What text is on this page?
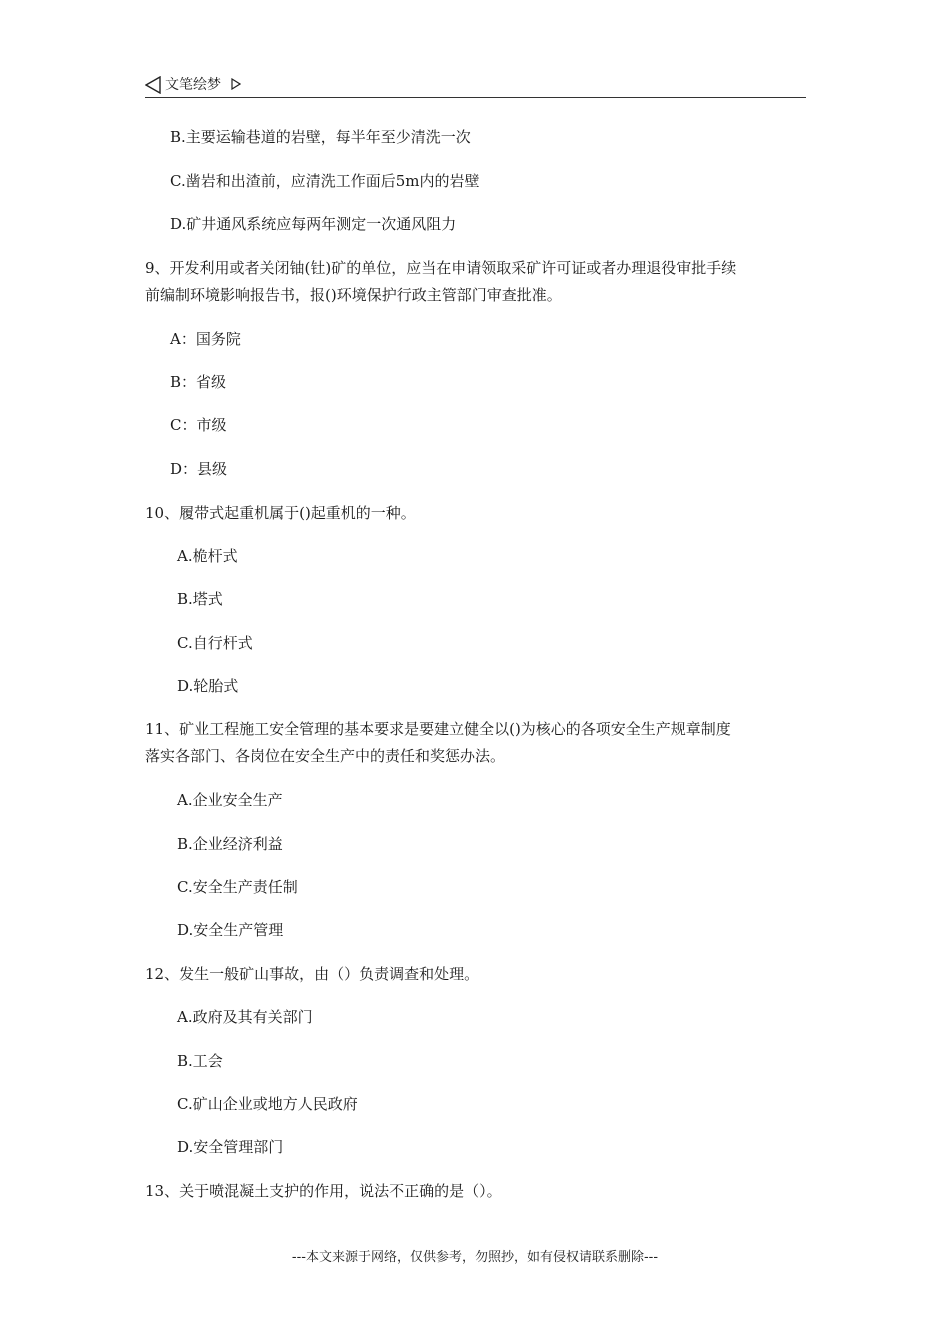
文笔绘梦
B.主要运输巷道的岩壁，每半年至少清洗一次
C.凿岩和出渣前，应清洗工作面后5m内的岩壁
D.矿井通风系统应每两年测定一次通风阻力
9、开发利用或者关闭铀(钍)矿的单位，应当在申请领取采矿许可证或者办理退役审批手续
前编制环境影响报告书，报()环境保护行政主管部门审查批准。
A：国务院
B：省级
C：市级
D：县级
10、履带式起重机属于()起重机的一种。
A.桅杆式
B.塔式
C.自行杆式
D.轮胎式
11、矿业工程施工安全管理的基本要求是要建立健全以()为核心的各项安全生产规章制度
落实各部门、各岗位在安全生产中的责任和奖惩办法。
A.企业安全生产
B.企业经济利益
C.安全生产责任制
D.安全生产管理
12、发生一般矿山事故，由（）负责调查和处理。
A.政府及其有关部门
B.工会
C.矿山企业或地方人民政府
D.安全管理部门
13、关于喷混凝土支护的作用，说法不正确的是（）。
---本文来源于网络，仅供参考，勿照抄，如有侵权请联系删除---
